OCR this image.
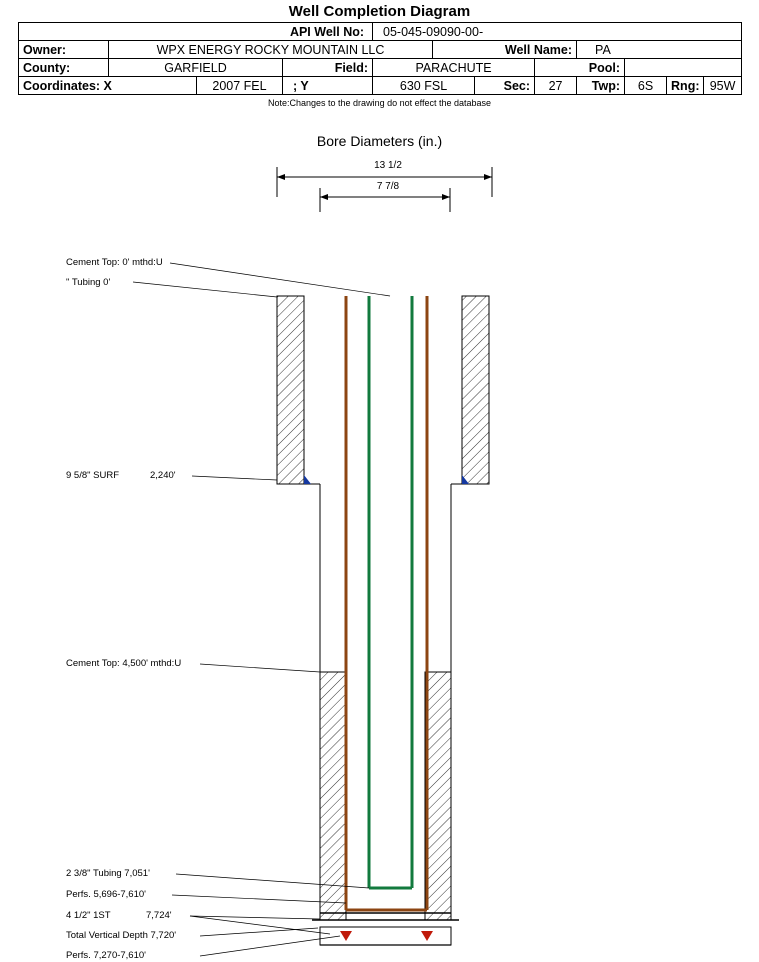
Well Completion Diagram
API Well No:				05-045-09090-00-							
Owner:	WPX ENERGY ROCKY MOUNTAIN LLC				Well Name:			PA			
County:	GARFIELD		Field:	PARACHUTE			Pool:				
Coordinates: X		2007 FEL	; Y	630 FSL		Sec:	27	Twp:	6S	Rng:	95W
Note:Changes to the drawing do not effect the database
Bore Diameters (in.)
13 1/2
7 7/8
Cement Top: 0' mthd:U
" Tubing 0'
9 5/8" SURF	2,240'
Cement Top: 4,500' mthd:U
2 3/8" Tubing 7,051'
Perfs. 5,696-7,610'
4 1/2" 1ST	7,724'
Total Vertical Depth 7,720'
Perfs. 7,270-7,610'
